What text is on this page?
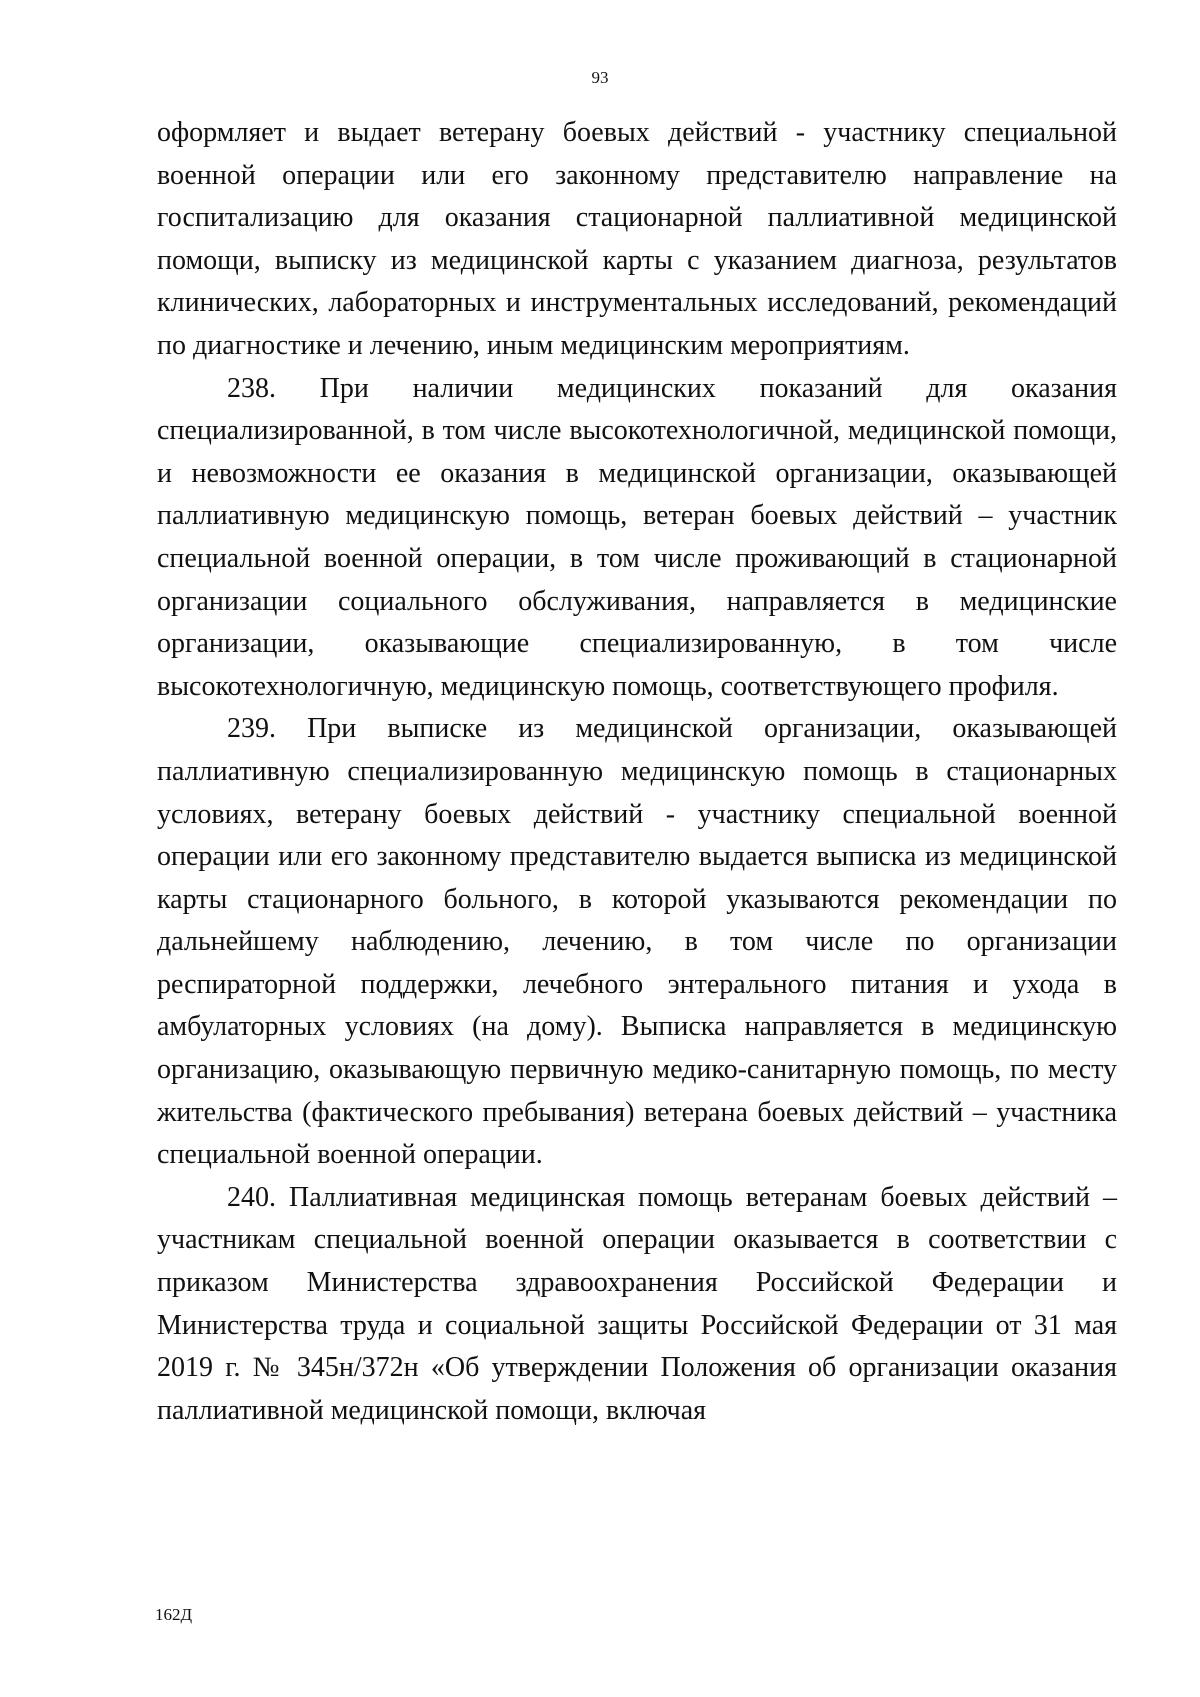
93

оформляет и выдает ветерану боевых действий - участнику специальной военной операции или его законному представителю направление на госпитализацию для оказания стационарной паллиативной медицинской помощи, выписку из медицинской карты с указанием диагноза, результатов клинических, лабораторных и инструментальных исследований, рекомендаций по диагностике и лечению, иным медицинским мероприятиям.

238. При наличии медицинских показаний для оказания специализированной, в том числе высокотехнологичной, медицинской помощи, и невозможности ее оказания в медицинской организации, оказывающей паллиативную медицинскую помощь, ветеран боевых действий – участник специальной военной операции, в том числе проживающий в стационарной организации социального обслуживания, направляется в медицинские организации, оказывающие специализированную, в том числе высокотехнологичную, медицинскую помощь, соответствующего профиля.

239. При выписке из медицинской организации, оказывающей паллиативную специализированную медицинскую помощь в стационарных условиях, ветерану боевых действий - участнику специальной военной операции или его законному представителю выдается выписка из медицинской карты стационарного больного, в которой указываются рекомендации по дальнейшему наблюдению, лечению, в том числе по организации респираторной поддержки, лечебного энтерального питания и ухода в амбулаторных условиях (на дому). Выписка направляется в медицинскую организацию, оказывающую первичную медико-санитарную помощь, по месту жительства (фактического пребывания) ветерана боевых действий – участника специальной военной операции.

240. Паллиативная медицинская помощь ветеранам боевых действий – участникам специальной военной операции оказывается в соответствии с приказом Министерства здравоохранения Российской Федерации и Министерства труда и социальной защиты Российской Федерации от 31 мая 2019 г. № 345н/372н «Об утверждении Положения об организации оказания паллиативной медицинской помощи, включая

162Д
